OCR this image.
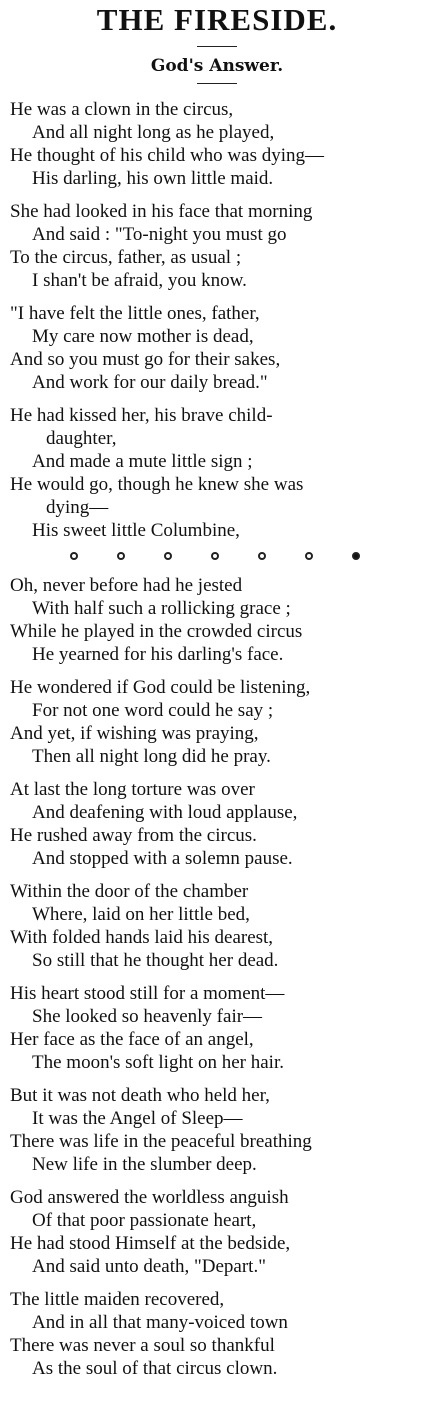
THE FIRESIDE.
God's Answer.
He was a clown in the circus,
And all night long as he played,
He thought of his child who was dying—
His darling, his own little maid.
She had looked in his face that morning
And said : "To-night you must go
To the circus, father, as usual ;
I shan't be afraid, you know.
"I have felt the little ones, father,
My care now mother is dead,
And so you must go for their sakes,
And work for our daily bread."
He had kissed her, his brave child-
daughter,
And made a mute little sign ;
He would go, though he knew she was
dying—
His sweet little Columbine,
Oh, never before had he jested
With half such a rollicking grace ;
While he played in the crowded circus
He yearned for his darling's face.
He wondered if God could be listening,
For not one word could he say ;
And yet, if wishing was praying,
Then all night long did he pray.
At last the long torture was over
And deafening with loud applause,
He rushed away from the circus.
And stopped with a solemn pause.
Within the door of the chamber
Where, laid on her little bed,
With folded hands laid his dearest,
So still that he thought her dead.
His heart stood still for a moment—
She looked so heavenly fair—
Her face as the face of an angel,
The moon's soft light on her hair.
But it was not death who held her,
It was the Angel of Sleep—
There was life in the peaceful breathing
New life in the slumber deep.
God answered the worldless anguish
Of that poor passionate heart,
He had stood Himself at the bedside,
And said unto death, "Depart."
The little maiden recovered,
And in all that many-voiced town
There was never a soul so thankful
As the soul of that circus clown.
